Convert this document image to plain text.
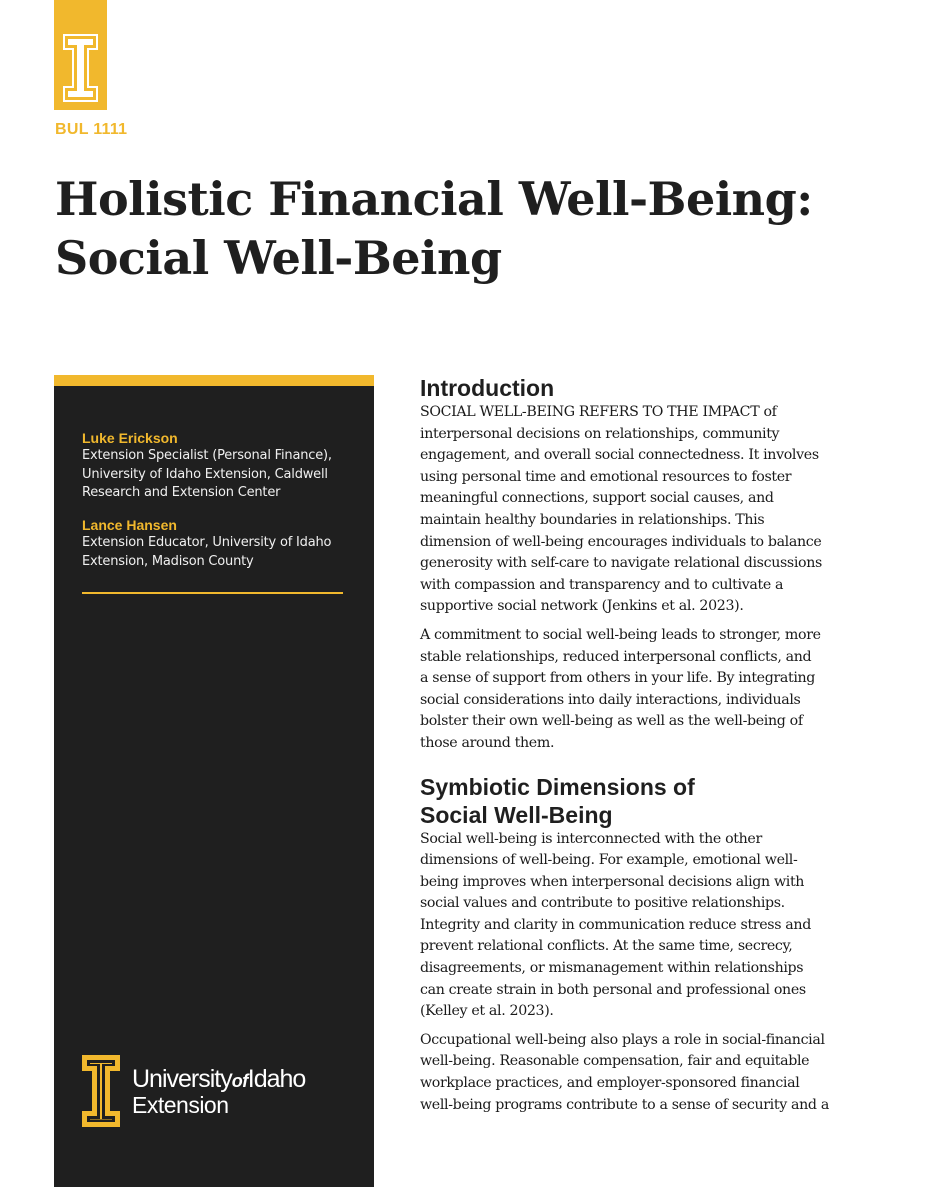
BUL 1111
Holistic Financial Well-Being:
Social Well-Being
Luke Erickson
Extension Specialist (Personal Finance),
University of Idaho Extension, Caldwell
Research and Extension Center
Lance Hansen
Extension Educator, University of Idaho
Extension, Madison County
UniversityofIdaho
Extension
Introduction

SOCIAL WELL-BEING REFERS TO THE IMPACT of
interpersonal decisions on relationships, community
engagement, and overall social connectedness. It involves
using personal time and emotional resources to foster
meaningful connections, support social causes, and
maintain healthy boundaries in relationships. This
dimension of well-being encourages individuals to balance
generosity with self-care to navigate relational discussions
with compassion and transparency and to cultivate a
supportive social network (Jenkins et al. 2023).

A commitment to social well-being leads to stronger, more
stable relationships, reduced interpersonal conflicts, and
a sense of support from others in your life. By integrating
social considerations into daily interactions, individuals
bolster their own well-being as well as the well-being of
those around them.

Symbiotic Dimensions of
Social Well-Being

Social well-being is interconnected with the other
dimensions of well-being. For example, emotional well-
being improves when interpersonal decisions align with
social values and contribute to positive relationships.
Integrity and clarity in communication reduce stress and
prevent relational conflicts. At the same time, secrecy,
disagreements, or mismanagement within relationships
can create strain in both personal and professional ones
(Kelley et al. 2023).

Occupational well-being also plays a role in social-financial
well-being. Reasonable compensation, fair and equitable
workplace practices, and employer-sponsored financial
well-being programs contribute to a sense of security and a
